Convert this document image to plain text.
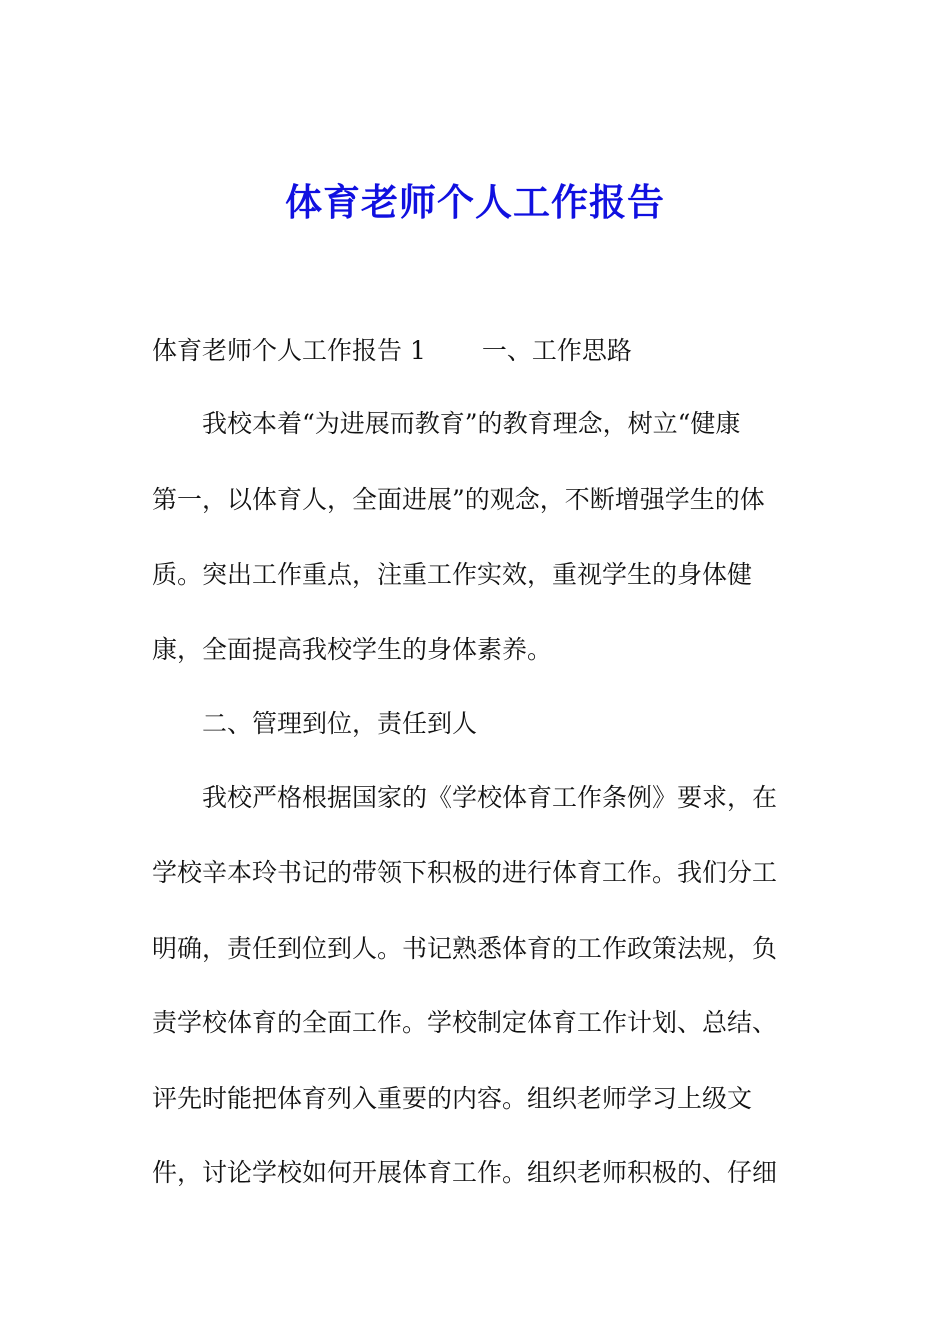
体育老师个人工作报告
体育老师个人工作报告 1 一、工作思路
我校本着“为进展而教育”的教育理念，树立“健康
第一，以体育人，全面进展”的观念，不断增强学生的体
质。突出工作重点，注重工作实效，重视学生的身体健
康，全面提高我校学生的身体素养。
二、管理到位，责任到人
我校严格根据国家的《学校体育工作条例》要求，在
学校辛本玲书记的带领下积极的进行体育工作。我们分工
明确，责任到位到人。书记熟悉体育的工作政策法规，负
责学校体育的全面工作。学校制定体育工作计划、总结、
评先时能把体育列入重要的内容。组织老师学习上级文
件，讨论学校如何开展体育工作。组织老师积极的、仔细
